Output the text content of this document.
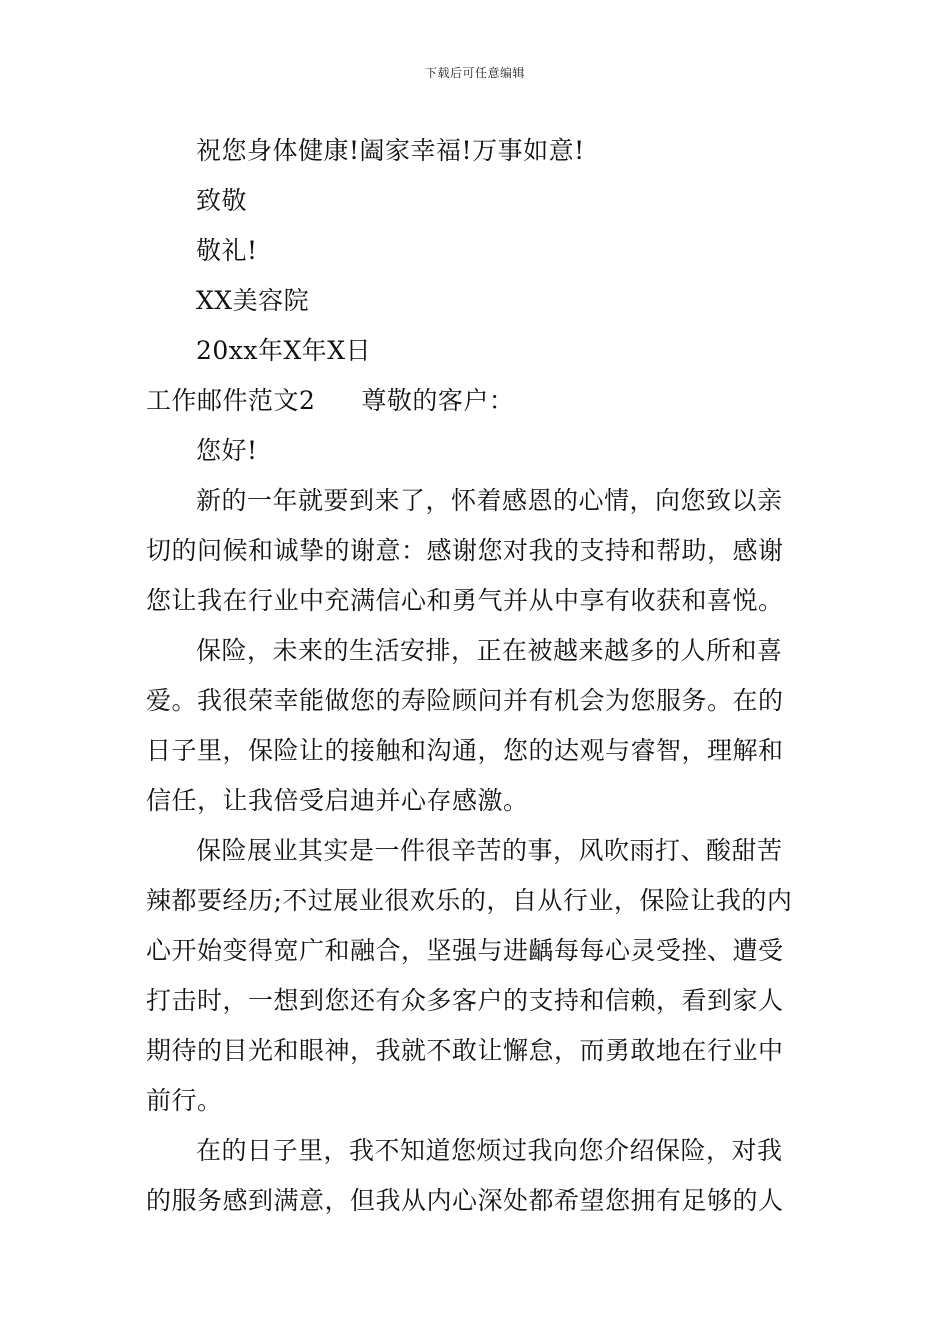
下载后可任意编辑
祝您身体健康!阖家幸福!万事如意!
致敬
敬礼!
XX美容院
20xx年X年X日
工作邮件范文2 尊敬的客户：
您好!
新的一年就要到来了，怀着感恩的心情，向您致以亲
切的问候和诚挚的谢意：感谢您对我的支持和帮助，感谢
您让我在行业中充满信心和勇气并从中享有收获和喜悦。
保险，未来的生活安排，正在被越来越多的人所和喜
爱。我很荣幸能做您的寿险顾问并有机会为您服务。在的
日子里，保险让的接触和沟通，您的达观与睿智，理解和
信任，让我倍受启迪并心存感激。
保险展业其实是一件很辛苦的事，风吹雨打、酸甜苦
辣都要经历;不过展业很欢乐的，自从行业，保险让我的内
心开始变得宽广和融合，坚强与进齲每每心灵受挫、遭受
打击时，一想到您还有众多客户的支持和信赖，看到家人
期待的目光和眼神，我就不敢让懈怠，而勇敢地在行业中
前行。
在的日子里，我不知道您烦过我向您介绍保险，对我
的服务感到满意，但我从内心深处都希望您拥有足够的人
